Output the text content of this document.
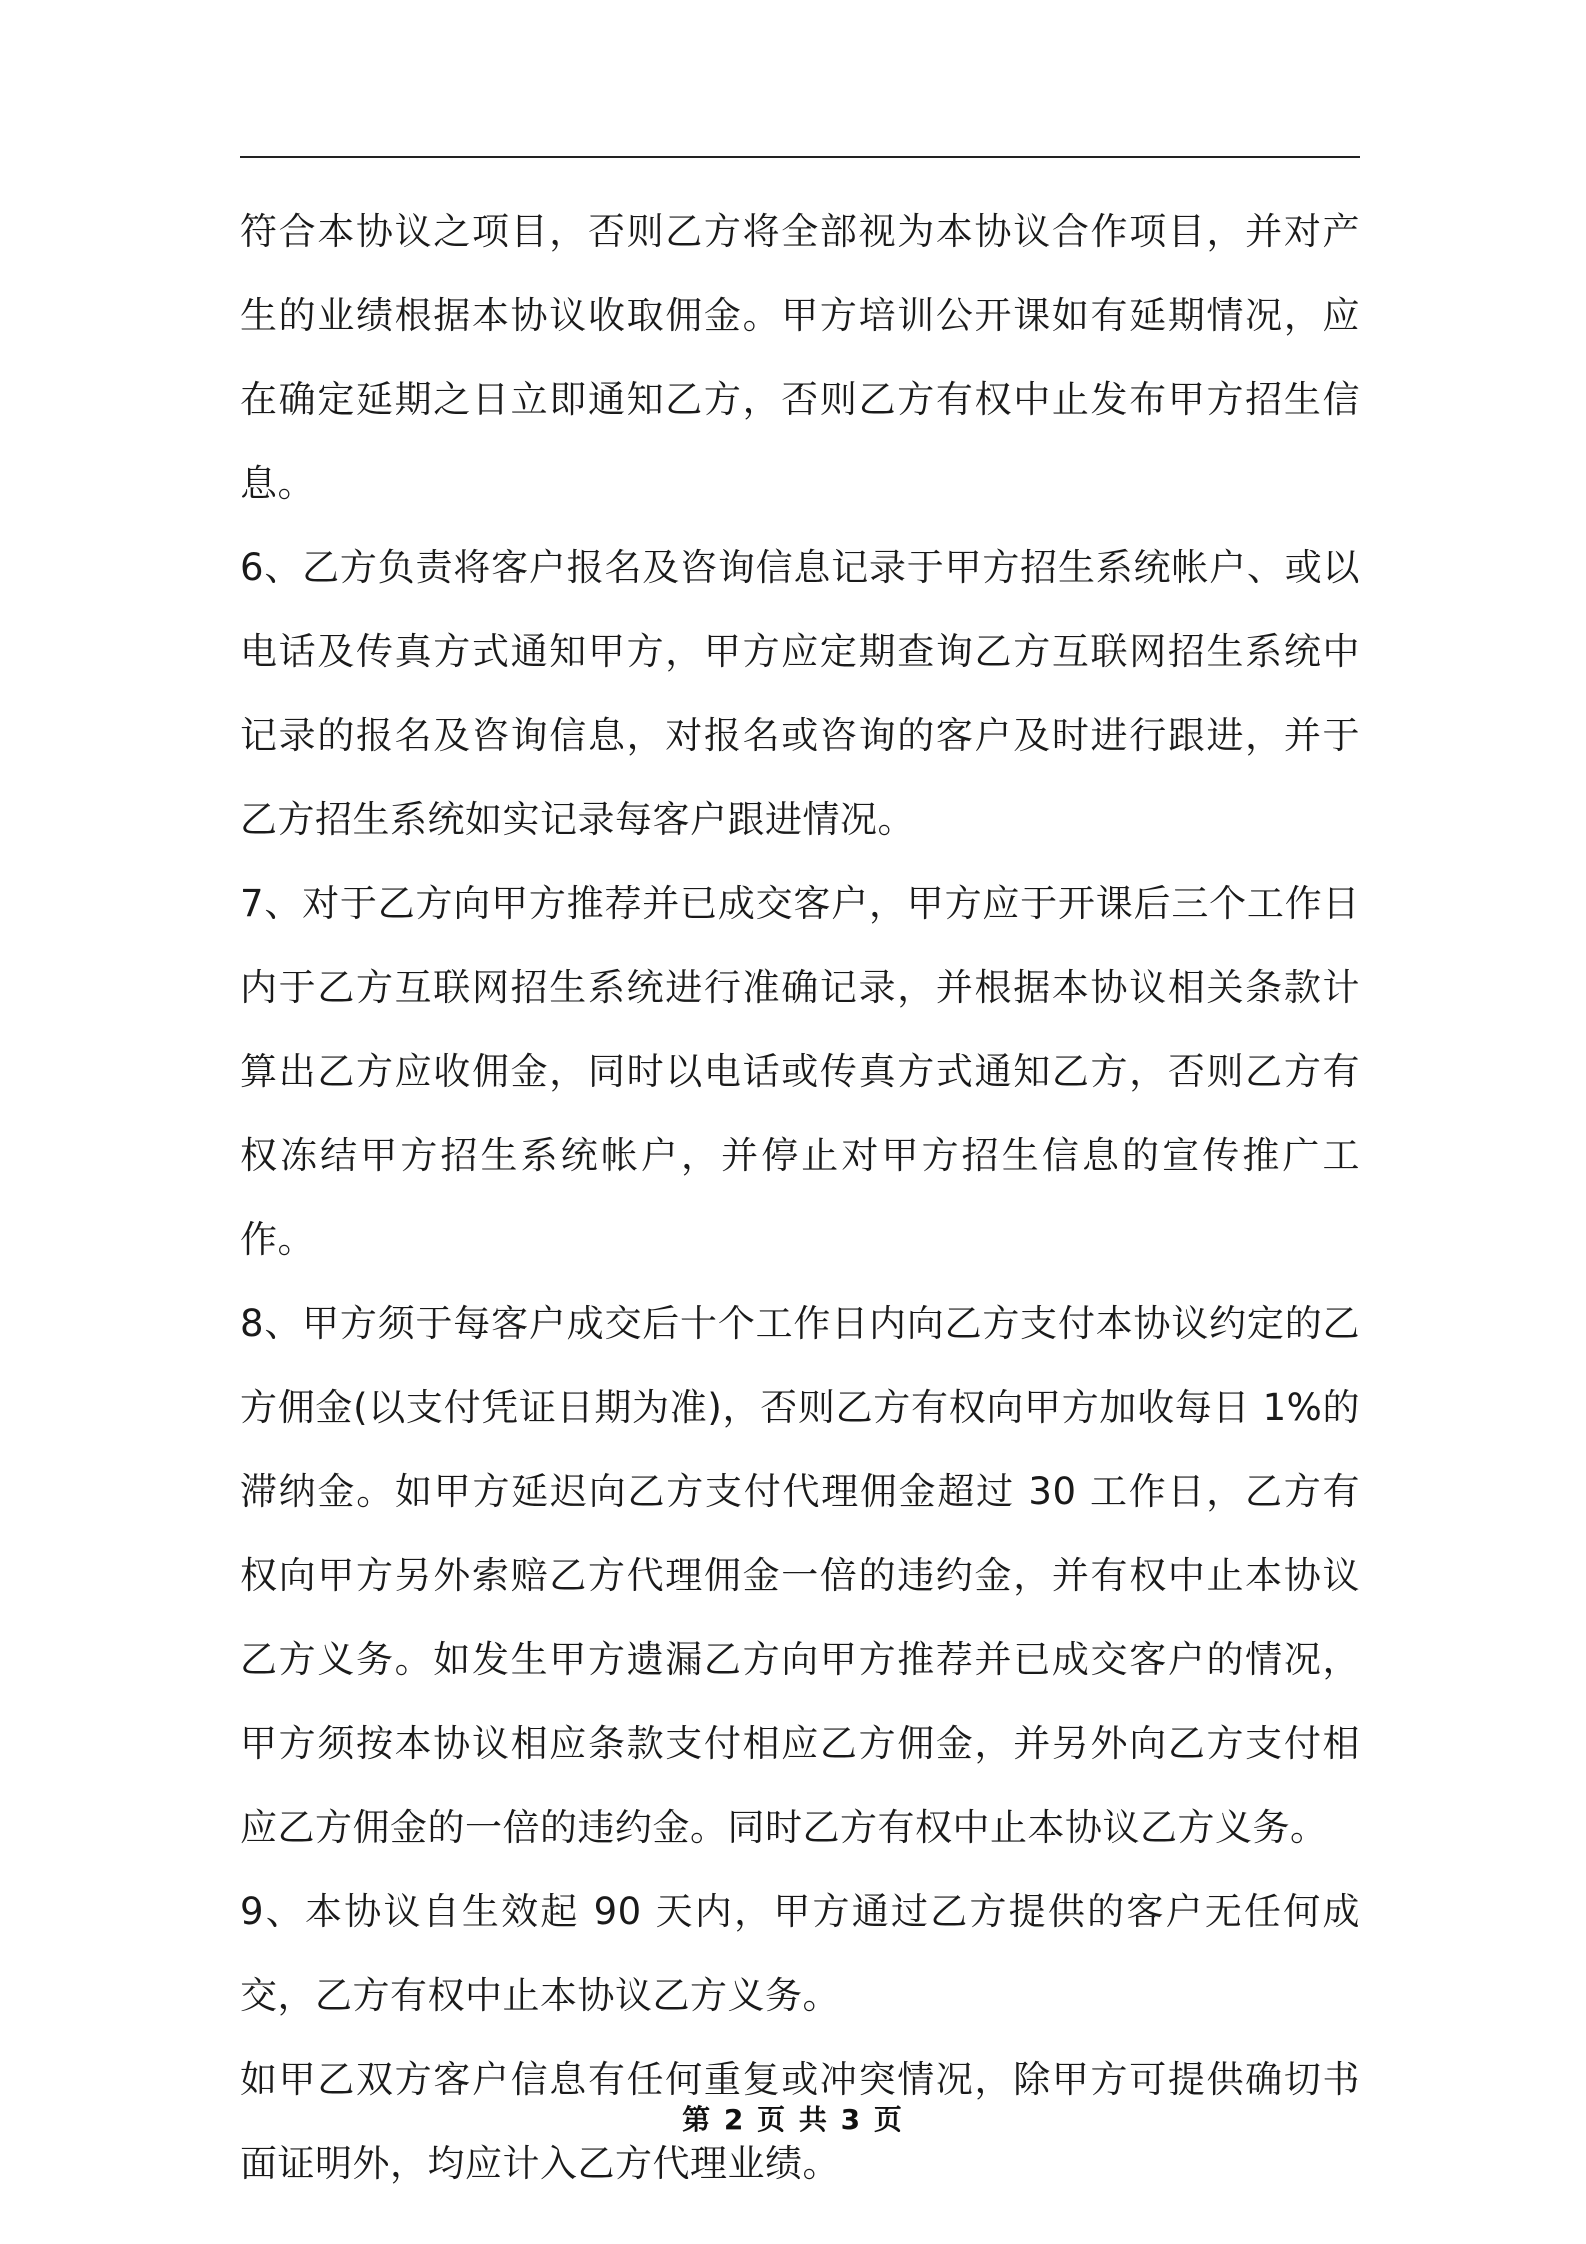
符合本协议之项目，否则乙方将全部视为本协议合作项目，并对产生的业绩根据本协议收取佣金。甲方培训公开课如有延期情况，应在确定延期之日立即通知乙方，否则乙方有权中止发布甲方招生信息。

6、乙方负责将客户报名及咨询信息记录于甲方招生系统帐户、或以电话及传真方式通知甲方，甲方应定期查询乙方互联网招生系统中记录的报名及咨询信息，对报名或咨询的客户及时进行跟进，并于乙方招生系统如实记录每客户跟进情况。

7、对于乙方向甲方推荐并已成交客户，甲方应于开课后三个工作日内于乙方互联网招生系统进行准确记录，并根据本协议相关条款计算出乙方应收佣金，同时以电话或传真方式通知乙方，否则乙方有权冻结甲方招生系统帐户，并停止对甲方招生信息的宣传推广工作。

8、甲方须于每客户成交后十个工作日内向乙方支付本协议约定的乙方佣金(以支付凭证日期为准)，否则乙方有权向甲方加收每日 1%的滞纳金。如甲方延迟向乙方支付代理佣金超过 30 工作日，乙方有权向甲方另外索赔乙方代理佣金一倍的违约金，并有权中止本协议乙方义务。如发生甲方遗漏乙方向甲方推荐并已成交客户的情况，甲方须按本协议相应条款支付相应乙方佣金，并另外向乙方支付相应乙方佣金的一倍的违约金。同时乙方有权中止本协议乙方义务。

9、本协议自生效起 90 天内，甲方通过乙方提供的客户无任何成交，乙方有权中止本协议乙方义务。

如甲乙双方客户信息有任何重复或冲突情况，除甲方可提供确切书面证明外，均应计入乙方代理业绩。

第 2 页 共 3 页
